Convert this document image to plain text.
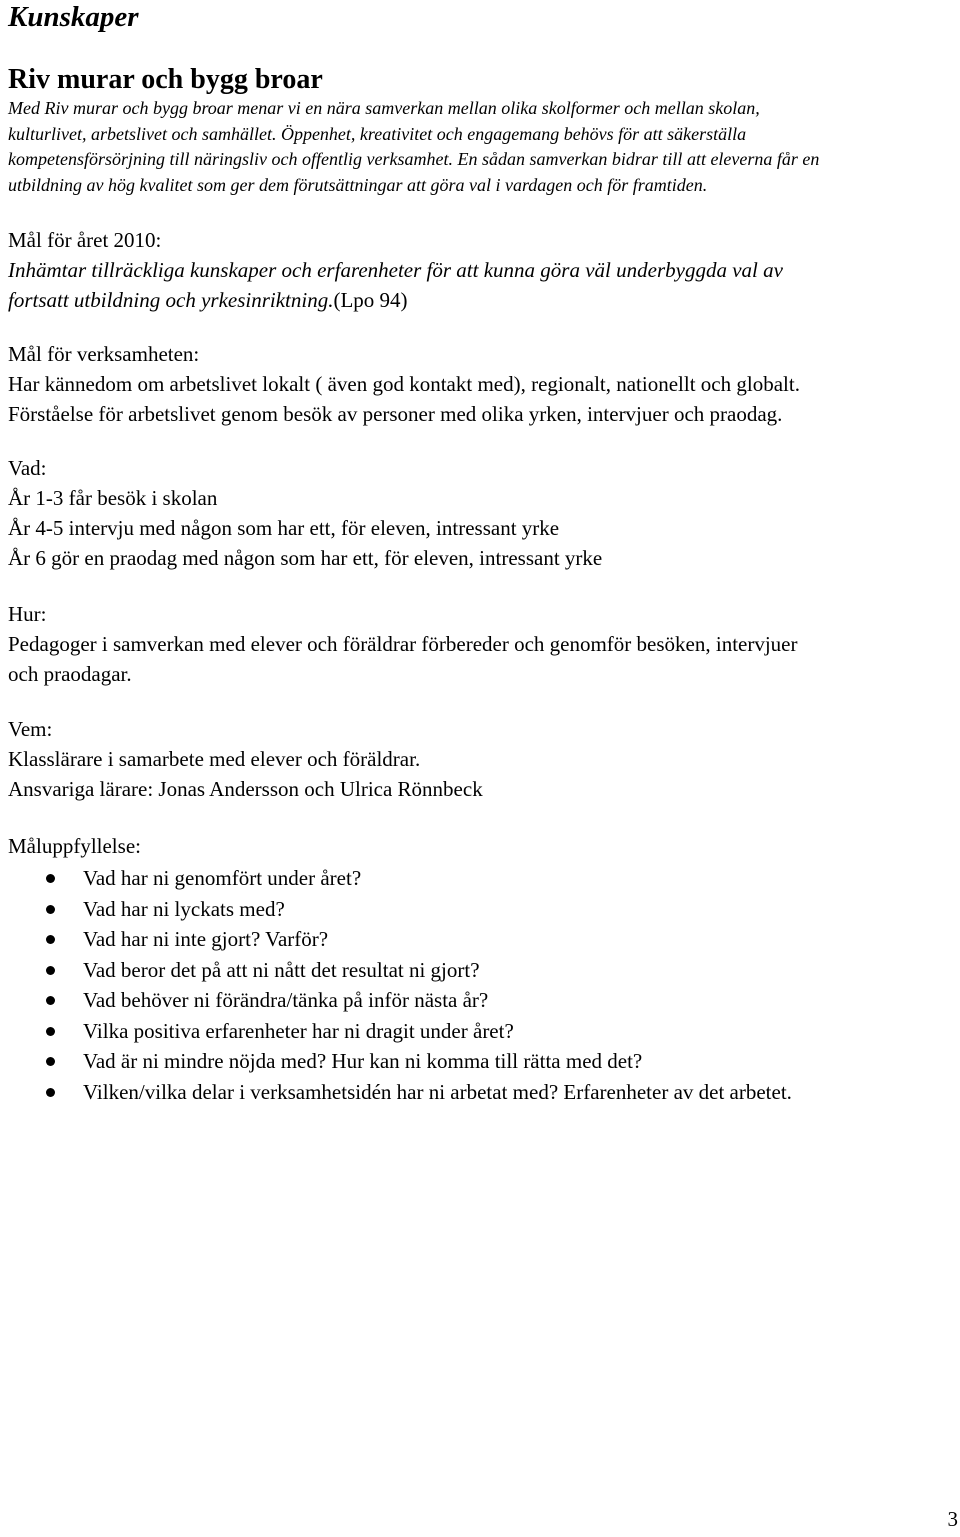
Kunskaper
Riv murar och bygg broar
Med Riv murar och bygg broar menar vi en nära samverkan mellan olika skolformer och mellan skolan,
kulturlivet, arbetslivet och samhället. Öppenhet, kreativitet och engagemang behövs för att säkerställa
kompetensförsörjning till näringsliv och offentlig verksamhet. En sådan samverkan bidrar till att eleverna får en
utbildning av hög kvalitet som ger dem förutsättningar att göra val i vardagen och för framtiden.
Mål för året 2010:
Inhämtar tillräckliga kunskaper och erfarenheter för att kunna göra väl underbyggda val av
fortsatt utbildning och yrkesinriktning.(Lpo 94)
Mål för verksamheten:
Har kännedom om arbetslivet lokalt ( även god kontakt med), regionalt, nationellt och globalt.
Förståelse för arbetslivet genom besök av personer med olika yrken, intervjuer och praodag.
Vad:
År 1-3 får besök i skolan
År 4-5 intervju med någon som har ett, för eleven, intressant yrke
År 6 gör en praodag med någon som har ett, för eleven, intressant yrke
Hur:
Pedagoger i samverkan med elever och föräldrar förbereder och genomför besöken, intervjuer
och praodagar.
Vem:
Klasslärare i samarbete med elever och föräldrar.
Ansvariga lärare: Jonas Andersson och Ulrica Rönnbeck
Måluppfyllelse:
Vad har ni genomfört under året?
Vad har ni lyckats med?
Vad har ni inte gjort? Varför?
Vad beror det på att ni nått det resultat ni gjort?
Vad behöver ni förändra/tänka på inför nästa år?
Vilka positiva erfarenheter har ni dragit under året?
Vad är ni mindre nöjda med? Hur kan ni komma till rätta med det?
Vilken/vilka delar i verksamhetsidén har ni arbetat med? Erfarenheter av det arbetet.
3
